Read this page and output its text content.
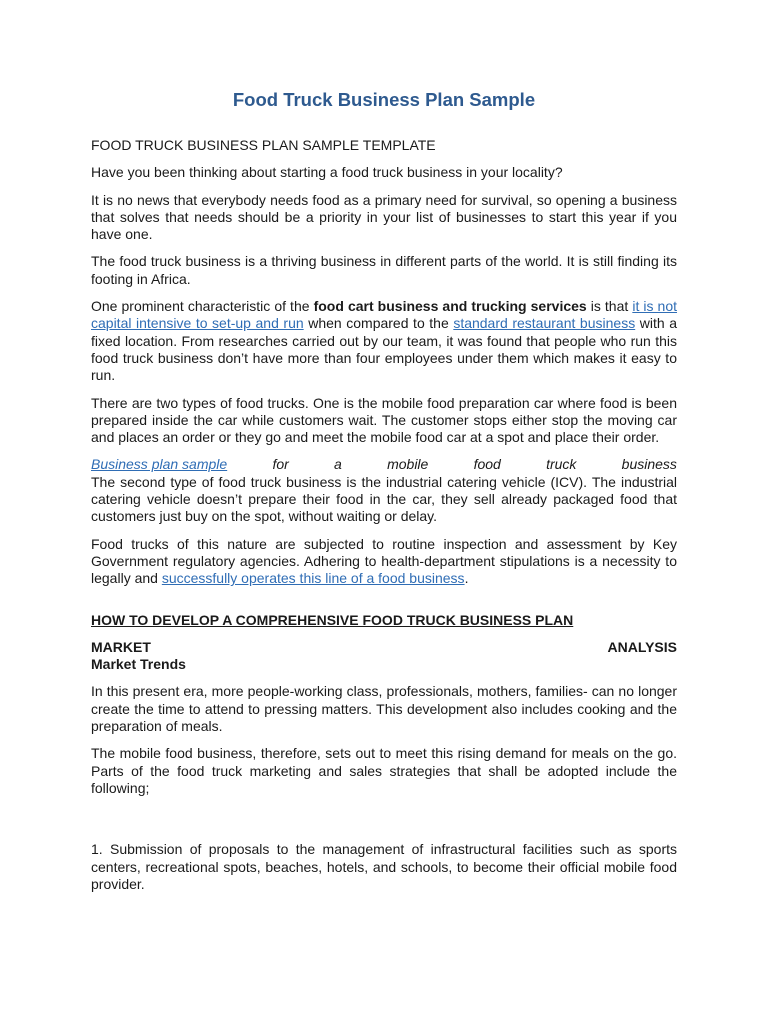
Food Truck Business Plan Sample

FOOD TRUCK BUSINESS PLAN SAMPLE TEMPLATE

Have you been thinking about starting a food truck business in your locality?

It is no news that everybody needs food as a primary need for survival, so opening a business that solves that needs should be a priority in your list of businesses to start this year if you have one.

The food truck business is a thriving business in different parts of the world. It is still finding its footing in Africa.

One prominent characteristic of the food cart business and trucking services is that it is not capital intensive to set-up and run when compared to the standard restaurant business with a fixed location. From researches carried out by our team, it was found that people who run this food truck business don’t have more than four employees under them which makes it easy to run.

There are two types of food trucks. One is the mobile food preparation car where food is been prepared inside the car while customers wait. The customer stops either stop the moving car and places an order or they go and meet the mobile food car at a spot and place their order.

Business plan sample	for	a	mobile	food	truck	business

The second type of food truck business is the industrial catering vehicle (ICV). The industrial catering vehicle doesn’t prepare their food in the car, they sell already packaged food that customers just buy on the spot, without waiting or delay.

Food trucks of this nature are subjected to routine inspection and assessment by Key Government regulatory agencies. Adhering to health-department stipulations is a necessity to legally and successfully operates this line of a food business.

HOW TO DEVELOP A COMPREHENSIVE FOOD TRUCK BUSINESS PLAN
MARKET	ANALYSIS
Market Trends

In this present era, more people-working class, professionals, mothers, families- can no longer create the time to attend to pressing matters. This development also includes cooking and the preparation of meals.

The mobile food business, therefore, sets out to meet this rising demand for meals on the go. Parts of the food truck marketing and sales strategies that shall be adopted include the following;

1. Submission of proposals to the management of infrastructural facilities such as sports centers, recreational spots, beaches, hotels, and schools, to become their official mobile food provider.
